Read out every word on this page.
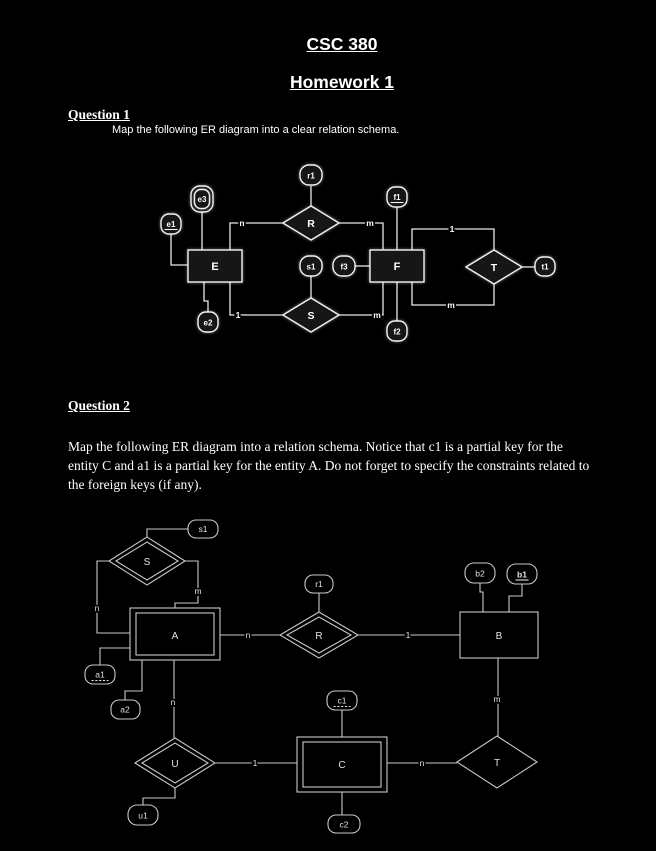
CSC 380
Homework 1
Question 1
Map the following ER diagram into a clear relation schema.
Question 2
Map the following ER diagram into a relation schema. Notice that c1 is a partial key for the
entity C and a1 is a partial key for the entity A. Do not forget to specify the constraints related to
the foreign keys (if any).
E	F
R
S
T
r1
e3
e1
s1	f3
f1
e2
f2
t1
n	m
1	m
1
m
A	B
C
S
R
U	T
s1
r1
b2	b1
a1
a2
u1
c1
c2
n
m
n	1
n
1
m
n
